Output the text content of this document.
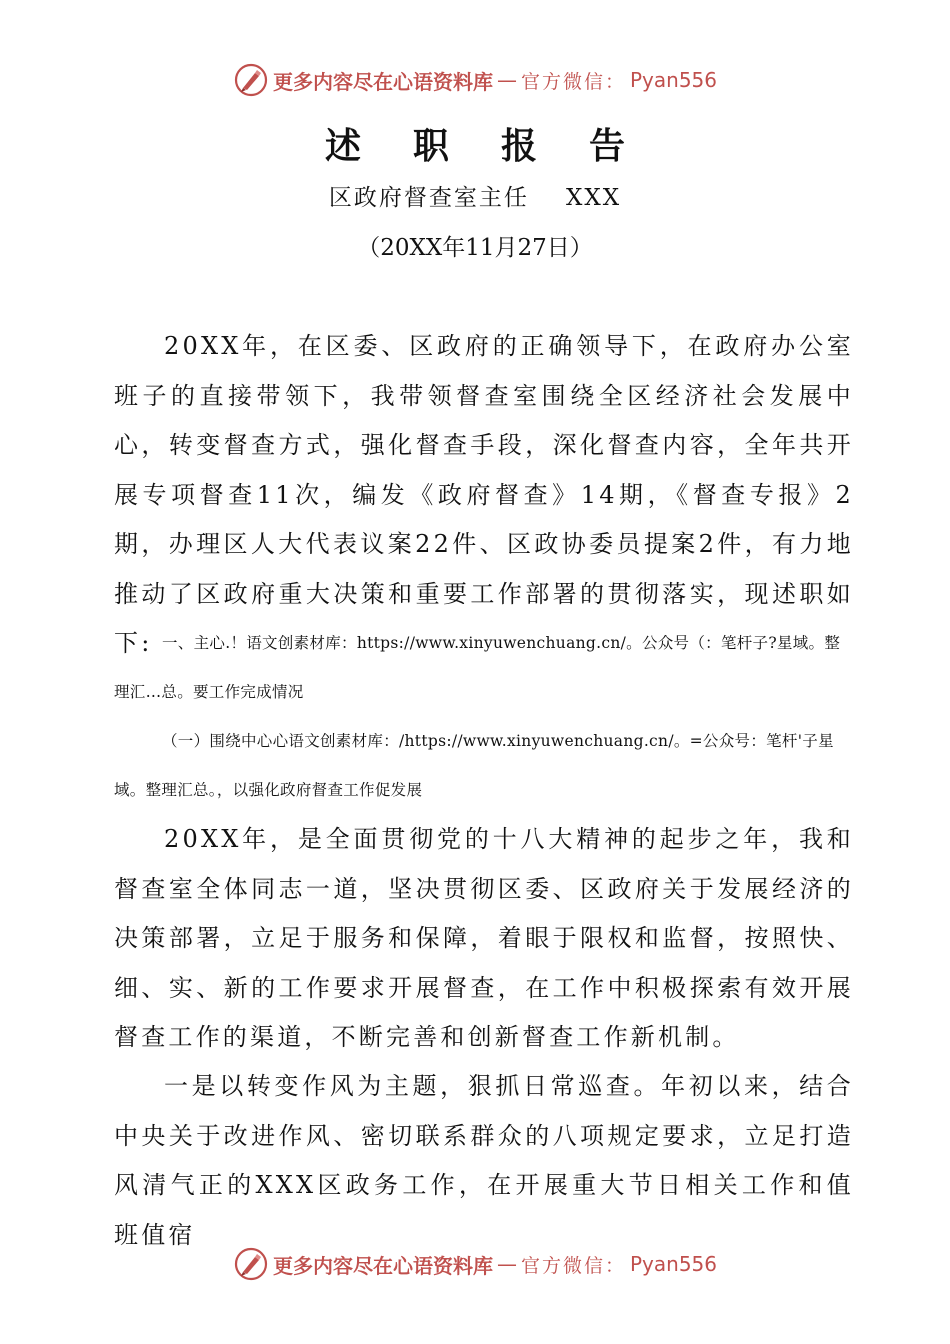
更多内容尽在心语资料库 — 官方微信： Pyan556
述职报告
区政府督查室主任    XXX
（20XX年11月27日）

20XX年，在区委、区政府的正确领导下，在政府办公室班子的直接带领下，我带领督查室围绕全区经济社会发展中心，转变督查方式，强化督查手段，深化督查内容，全年共开展专项督查11次，编发《政府督查》14期，《督查专报》2期，办理区人大代表议案22件、区政协委员提案2件，有力地推动了区政府重大决策和重要工作部署的贯彻落实，现述职如下: 一、主心.！语文创素材库：https://www.xinyuwenchuang.cn/。公众号（：笔杆子?星域。整理汇…总。要工作完成情况

（一）围绕中心心语文创素材库：/https://www.xinyuwenchuang.cn/。=公众号：笔杆'子星域。整理汇总。，以强化政府督查工作促发展

20XX年，是全面贯彻党的十八大精神的起步之年，我和督查室全体同志一道，坚决贯彻区委、区政府关于发展经济的决策部署，立足于服务和保障，着眼于限权和监督，按照快、细、实、新的工作要求开展督查，在工作中积极探索有效开展督查工作的渠道，不断完善和创新督查工作新机制。

一是以转变作风为主题，狠抓日常巡查。年初以来，结合中央关于改进作风、密切联系群众的八项规定要求，立足打造风清气正的XXX区政务工作，在开展重大节日相关工作和值班值宿

更多内容尽在心语资料库 — 官方微信： Pyan556
